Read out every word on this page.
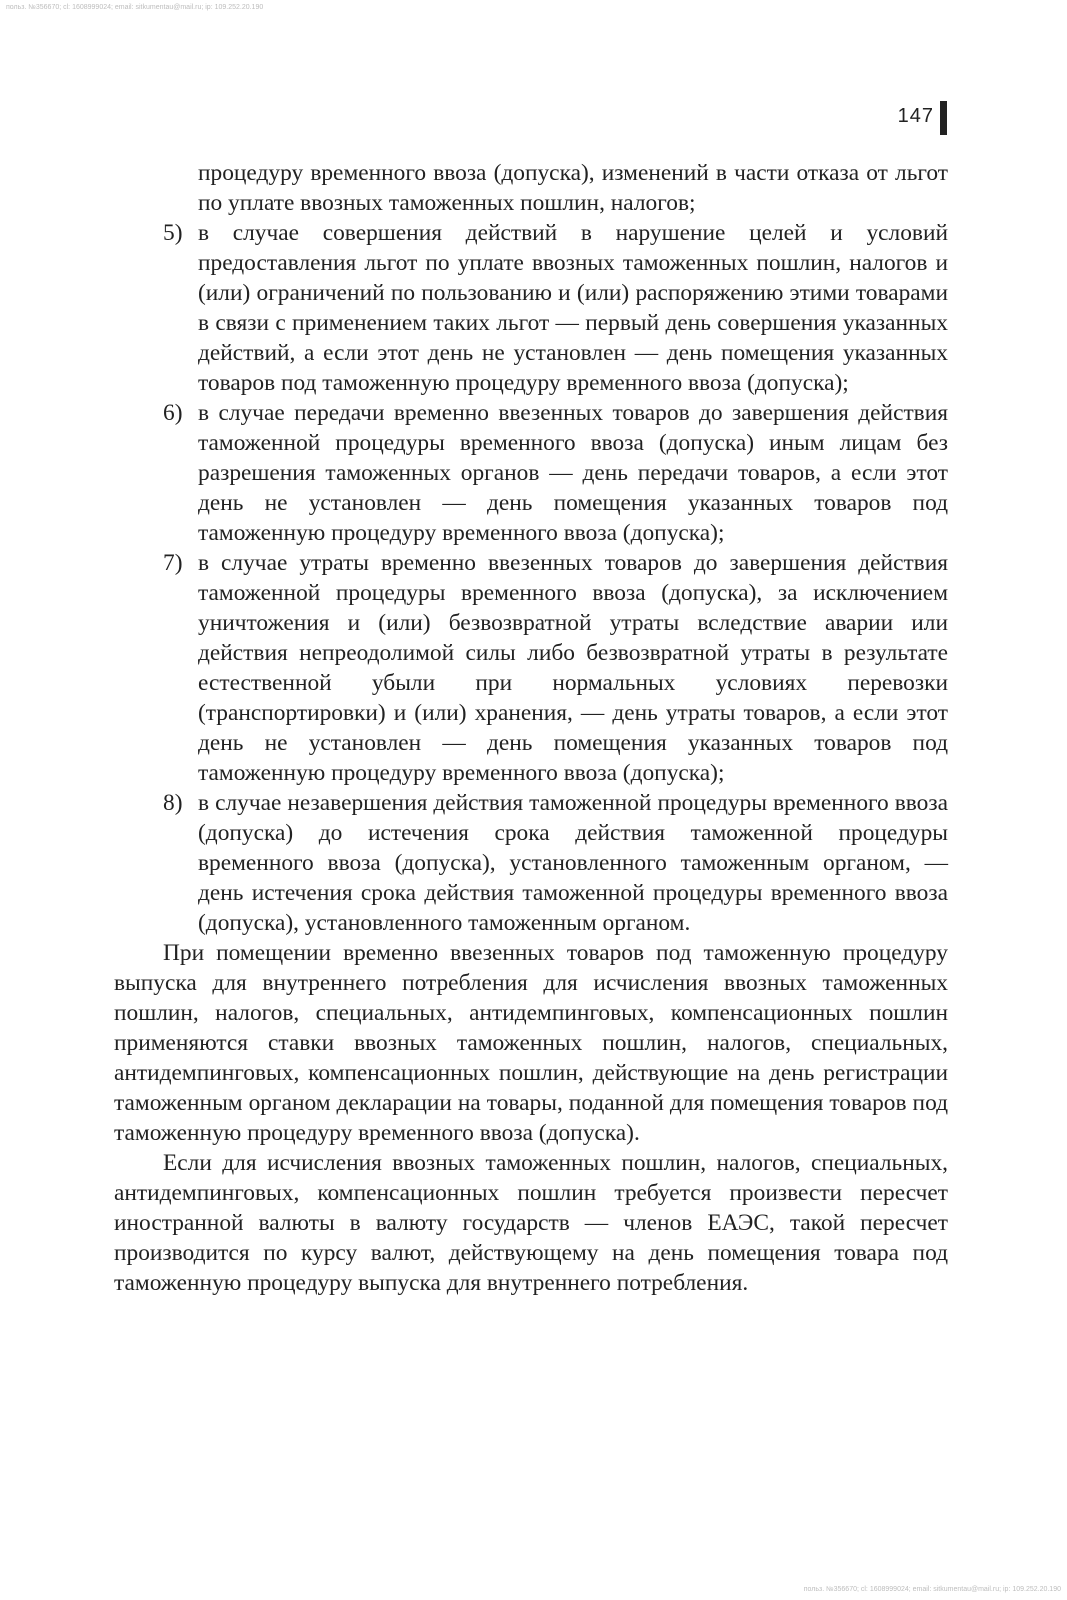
польз. №356670; cl: 1608999024; email: sitkumentau@mail.ru; ip: 109.252.20.190
147

процедуру временного ввоза (допуска), изменений в части отказа от льгот по уплате ввозных таможенных пошлин, налогов;

5) в случае совершения действий в нарушение целей и условий предоставления льгот по уплате ввозных таможенных пошлин, налогов и (или) ограничений по пользованию и (или) распоряжению этими товарами в связи с применением таких льгот — первый день совершения указанных действий, а если этот день не установлен — день помещения указанных товаров под таможенную процедуру временного ввоза (допуска);
6) в случае передачи временно ввезенных товаров до завершения действия таможенной процедуры временного ввоза (допуска) иным лицам без разрешения таможенных органов — день передачи товаров, а если этот день не установлен — день помещения указанных товаров под таможенную процедуру временного ввоза (допуска);
7) в случае утраты временно ввезенных товаров до завершения действия таможенной процедуры временного ввоза (допуска), за исключением уничтожения и (или) безвозвратной утраты вследствие аварии или действия непреодолимой силы либо безвозвратной утраты в результате естественной убыли при нормальных условиях перевозки (транспортировки) и (или) хранения, — день утраты товаров, а если этот день не установлен — день помещения указанных товаров под таможенную процедуру временного ввоза (допуска);
8) в случае незавершения действия таможенной процедуры временного ввоза (допуска) до истечения срока действия таможенной процедуры временного ввоза (допуска), установленного таможенным органом, — день истечения срока действия таможенной процедуры временного ввоза (допуска), установленного таможенным органом.

При помещении временно ввезенных товаров под таможенную процедуру выпуска для внутреннего потребления для исчисления ввозных таможенных пошлин, налогов, специальных, антидемпинговых, компенсационных пошлин применяются ставки ввозных таможенных пошлин, налогов, специальных, антидемпинговых, компенсационных пошлин, действующие на день регистрации таможенным органом декларации на товары, поданной для помещения товаров под таможенную процедуру временного ввоза (допуска).

Если для исчисления ввозных таможенных пошлин, налогов, специальных, антидемпинговых, компенсационных пошлин требуется произвести пересчет иностранной валюты в валюту государств — членов ЕАЭС, такой пересчет производится по курсу валют, действующему на день помещения товара под таможенную процедуру выпуска для внутреннего потребления.

польз. №356670; cl: 1608999024; email: sitkumentau@mail.ru; ip: 109.252.20.190
